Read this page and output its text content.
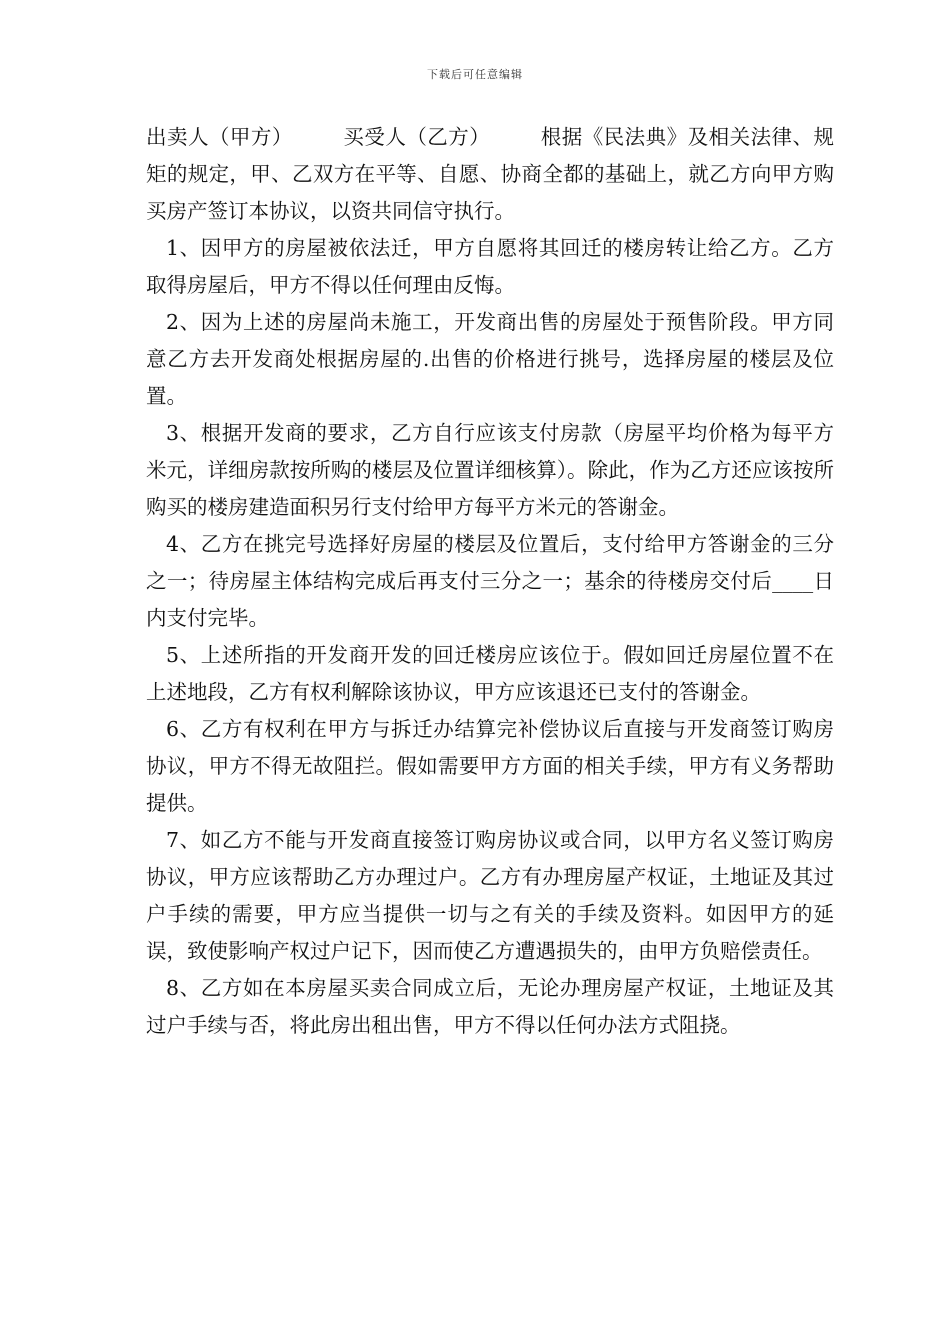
下载后可任意编辑

出卖人（甲方） 买受人（乙方） 根据《民法典》及相关法律、规矩的规定，甲、乙双方在平等、自愿、协商全都的基础上，就乙方向甲方购买房产签订本协议，以资共同信守执行。

1、因甲方的房屋被依法迁，甲方自愿将其回迁的楼房转让给乙方。乙方取得房屋后，甲方不得以任何理由反悔。

2、因为上述的房屋尚未施工，开发商出售的房屋处于预售阶段。甲方同意乙方去开发商处根据房屋的.出售的价格进行挑号，选择房屋的楼层及位置。

3、根据开发商的要求，乙方自行应该支付房款（房屋平均价格为每平方米元，详细房款按所购的楼层及位置详细核算）。除此，作为乙方还应该按所购买的楼房建造面积另行支付给甲方每平方米元的答谢金。

4、乙方在挑完号选择好房屋的楼层及位置后，支付给甲方答谢金的三分之一；待房屋主体结构完成后再支付三分之一；基余的待楼房交付后____日内支付完毕。

5、上述所指的开发商开发的回迁楼房应该位于。假如回迁房屋位置不在上述地段，乙方有权利解除该协议，甲方应该退还已支付的答谢金。

6、乙方有权利在甲方与拆迁办结算完补偿协议后直接与开发商签订购房协议，甲方不得无故阻拦。假如需要甲方方面的相关手续，甲方有义务帮助提供。

7、如乙方不能与开发商直接签订购房协议或合同，以甲方名义签订购房协议，甲方应该帮助乙方办理过户。乙方有办理房屋产权证，土地证及其过户手续的需要，甲方应当提供一切与之有关的手续及资料。如因甲方的延误，致使影响产权过户记下，因而使乙方遭遇损失的，由甲方负赔偿责任。

8、乙方如在本房屋买卖合同成立后，无论办理房屋产权证，土地证及其过户手续与否，将此房出租出售，甲方不得以任何办法方式阻挠。
